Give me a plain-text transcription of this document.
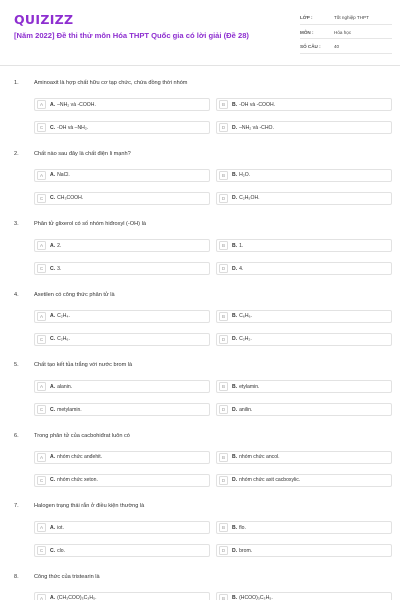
QUIZIZZ
[Năm 2022] Đề thi thử môn Hóa THPT Quốc gia có lời giải (Đề 28)
LỚP :	Tốt nghiệp THPT
MÔN :	Hóa học
SỐ CÂU :	40
1.	Aminoaxit là hợp chất hữu cơ tạp chức, chứa đồng thời nhóm
A	A. –NH₂ và -COOH.	B	B. -OH và -COOH.
C	C. -OH và –NH₂.	D	D. –NH₂ và -CHO.
2.	Chất nào sau đây là chất điện li mạnh?
A	A. NaCl.	B	B. H₂O.
C	C. CH₃COOH.	D	D. C₂H₅OH.
3.	Phân tử glixerol có số nhóm hiđroxyl (-OH) là
A	A. 2.	B	B. 1.
C	C. 3.	D	D. 4.
4.	Axetilen có công thức phân tử là
A	A. C₂H₄.	B	B. C₆H₆.
C	C. C₂H₆.	D	D. C₂H₂.
5.	Chất tạo kết tủa trắng với nước brom là
A	A. alanin.	B	B. etylamin.
C	C. metylamin.	D	D. anilin.
6.	Trong phân tử của cacbohiđrat luôn có
A	A. nhóm chức anđehit.	B	B. nhóm chức ancol.
C	C. nhóm chức xeton.	D	D. nhóm chức axit cacboxylic.
7.	Halogen trạng thái rắn ở điều kiện thường là
A	A. iot.	B	B. flo.
C	C. clo.	D	D. brom.
8.	Công thức của tristearin là
A	A. (CH₃COO)₃C₃H₅.	B	B. (HCOO)₃C₃H₅.
